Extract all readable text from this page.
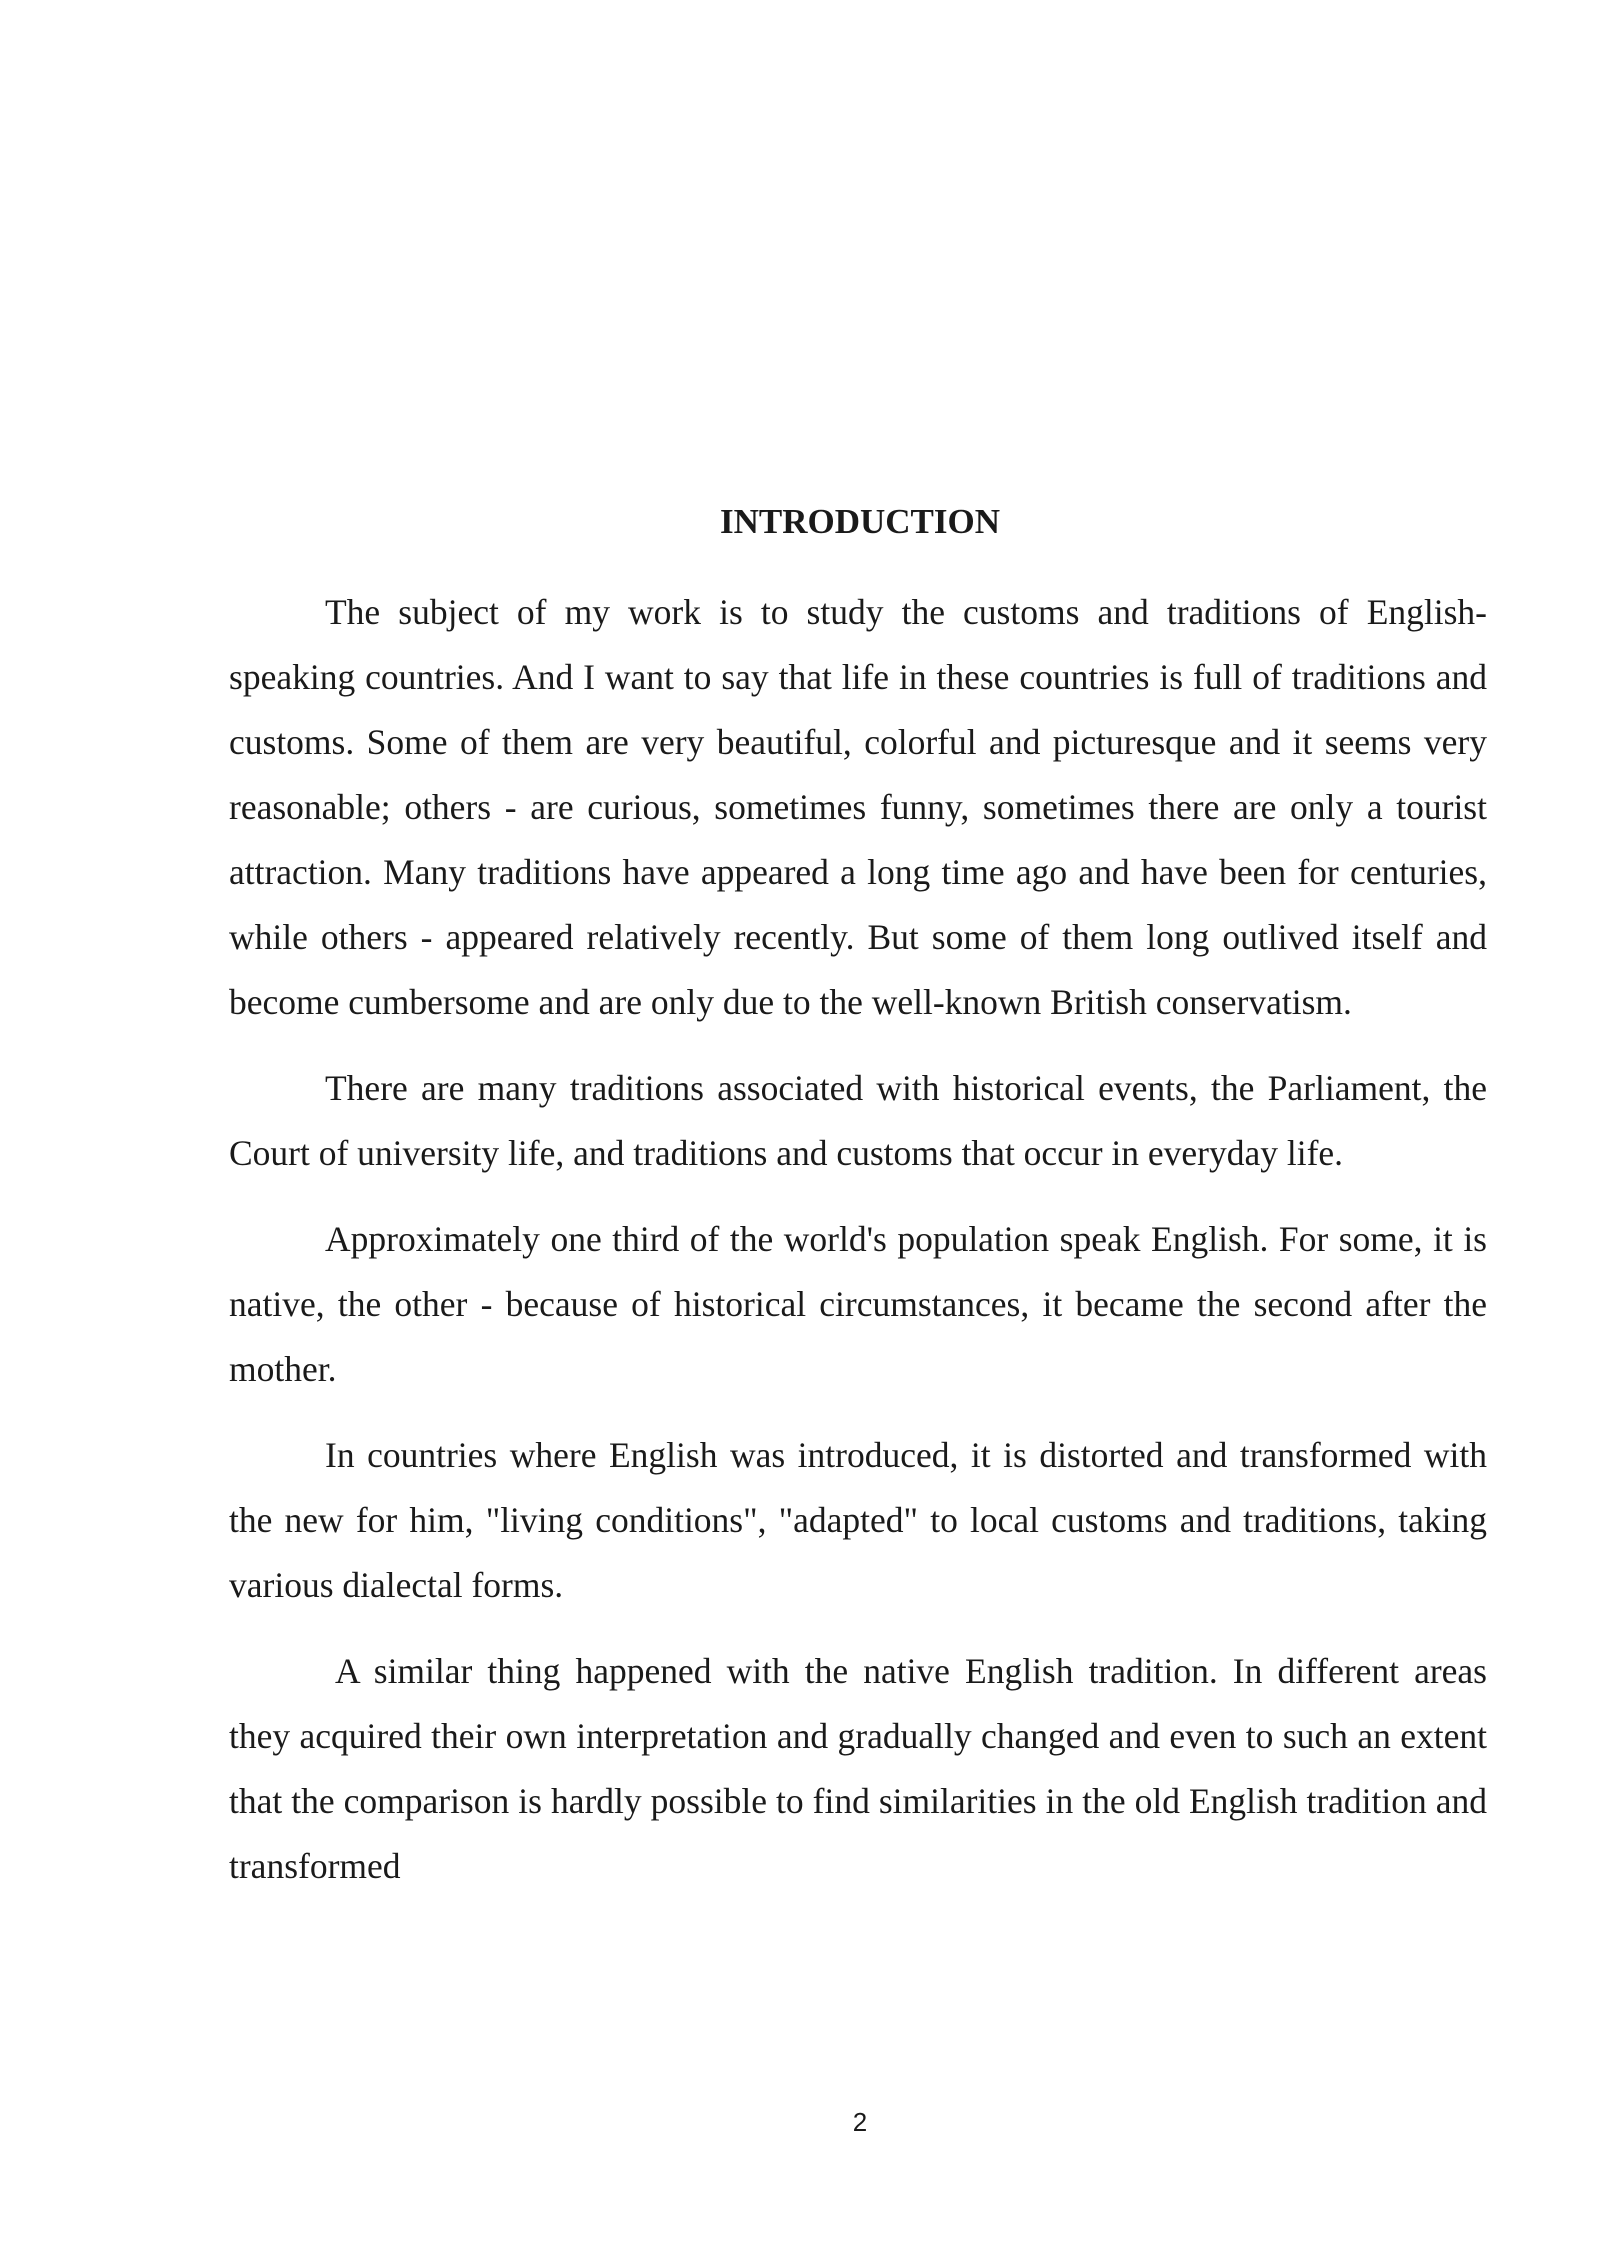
INTRODUCTION

The subject of my work is to study the customs and traditions of English-speaking countries. And I want to say that life in these countries is full of traditions and customs. Some of them are very beautiful, colorful and picturesque and it seems very reasonable; others - are curious, sometimes funny, sometimes there are only a tourist attraction. Many traditions have appeared a long time ago and have been for centuries, while others - appeared relatively recently. But some of them long outlived itself and become cumbersome and are only due to the well-known British conservatism.

There are many traditions associated with historical events, the Parliament, the Court of university life, and traditions and customs that occur in everyday life.

Approximately one third of the world's population speak English. For some, it is native, the other - because of historical circumstances, it became the second after the mother.

In countries where English was introduced, it is distorted and transformed with the new for him, "living conditions", "adapted" to local customs and traditions, taking various dialectal forms.

A similar thing happened with the native English tradition. In different areas they acquired their own interpretation and gradually changed and even to such an extent that the comparison is hardly possible to find similarities in the old English tradition and transformed

2
